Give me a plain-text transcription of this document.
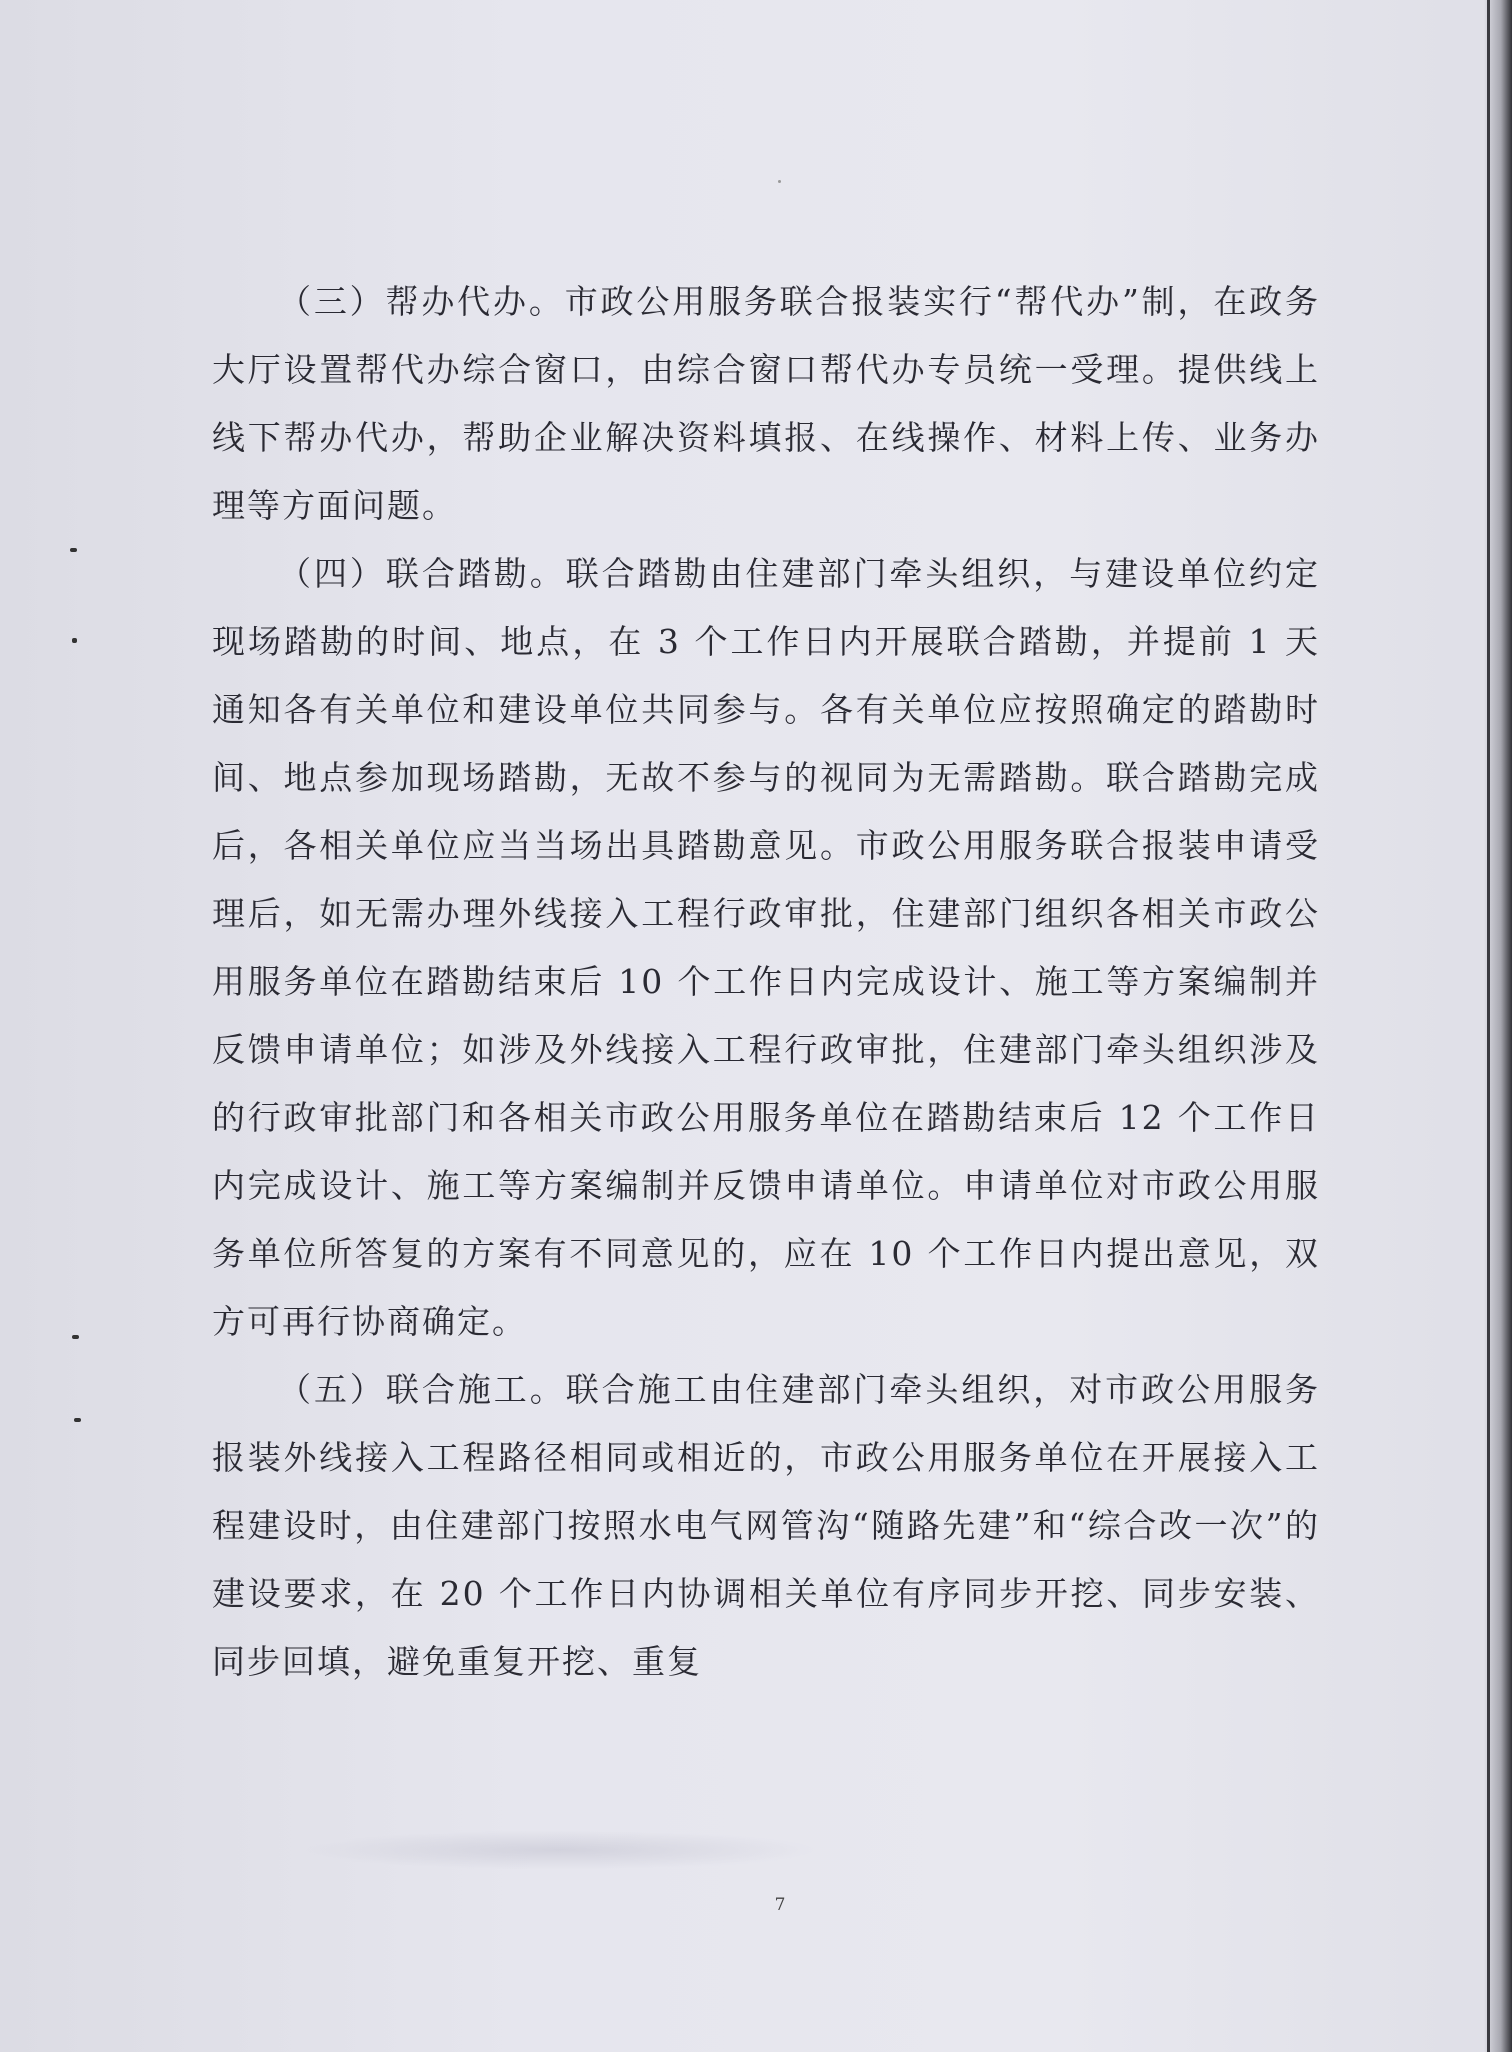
（三）帮办代办。市政公用服务联合报装实行“帮代办”制，在政务大厅设置帮代办综合窗口，由综合窗口帮代办专员统一受理。提供线上线下帮办代办，帮助企业解决资料填报、在线操作、材料上传、业务办理等方面问题。

（四）联合踏勘。联合踏勘由住建部门牵头组织，与建设单位约定现场踏勘的时间、地点，在 3 个工作日内开展联合踏勘，并提前 1 天通知各有关单位和建设单位共同参与。各有关单位应按照确定的踏勘时间、地点参加现场踏勘，无故不参与的视同为无需踏勘。联合踏勘完成后，各相关单位应当当场出具踏勘意见。市政公用服务联合报装申请受理后，如无需办理外线接入工程行政审批，住建部门组织各相关市政公用服务单位在踏勘结束后 10 个工作日内完成设计、施工等方案编制并反馈申请单位；如涉及外线接入工程行政审批，住建部门牵头组织涉及的行政审批部门和各相关市政公用服务单位在踏勘结束后 12 个工作日内完成设计、施工等方案编制并反馈申请单位。申请单位对市政公用服务单位所答复的方案有不同意见的，应在 10 个工作日内提出意见，双方可再行协商确定。

（五）联合施工。联合施工由住建部门牵头组织，对市政公用服务报装外线接入工程路径相同或相近的，市政公用服务单位在开展接入工程建设时，由住建部门按照水电气网管沟“随路先建”和“综合改一次”的建设要求，在 20 个工作日内协调相关单位有序同步开挖、同步安装、同步回填，避免重复开挖、重复

7
